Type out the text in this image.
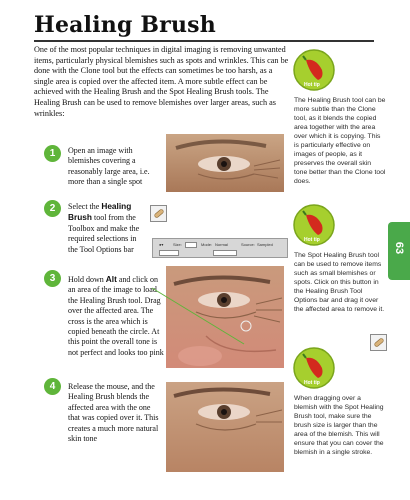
Healing Brush

One of the most popular techniques in digital imaging is removing unwanted items, particularly physical blemishes such as spots and wrinkles. This can be done with the Clone tool but the effects can sometimes be too harsh, as a single area is copied over the affected item. A more subtle effect can be achieved with the Healing Brush and the Spot Healing Brush tools. The Healing Brush can be used to remove blemishes over larger areas, such as wrinkles:

1	Open an image with blemishes covering a reasonably large area, i.e. more than a single spot

2	Select the Healing Brush tool from the Toolbox and make the required selections in the Tool Options bar

●▾ Size:	Mode: Normal	Source: Sampled
3	Hold down Alt and click on an area of the image to load the Healing Brush tool. Drag over the affected area. The cross is the area which is copied beneath the circle. At this point the overall tone is not perfect and looks too pink

4	Release the mouse, and the Healing Brush blends the affected area with the one that was copied over it. This creates a much more natural skin tone

Hot tip

The Healing Brush tool can be more subtle than the Clone tool, as it blends the copied area together with the area over which it is copying. This is particularly effective on images of people, as it preserves the overall skin tone better than the Clone tool does.

Hot tip

The Spot Healing Brush tool can be used to remove items such as small blemishes or spots. Click on this button in the Healing Brush Tool Options bar and drag it over the affected area to remove it.

Hot tip

When dragging over a blemish with the Spot Healing Brush tool, make sure the brush size is larger than the area of the blemish. This will ensure that you can cover the blemish in a single stroke.

63
